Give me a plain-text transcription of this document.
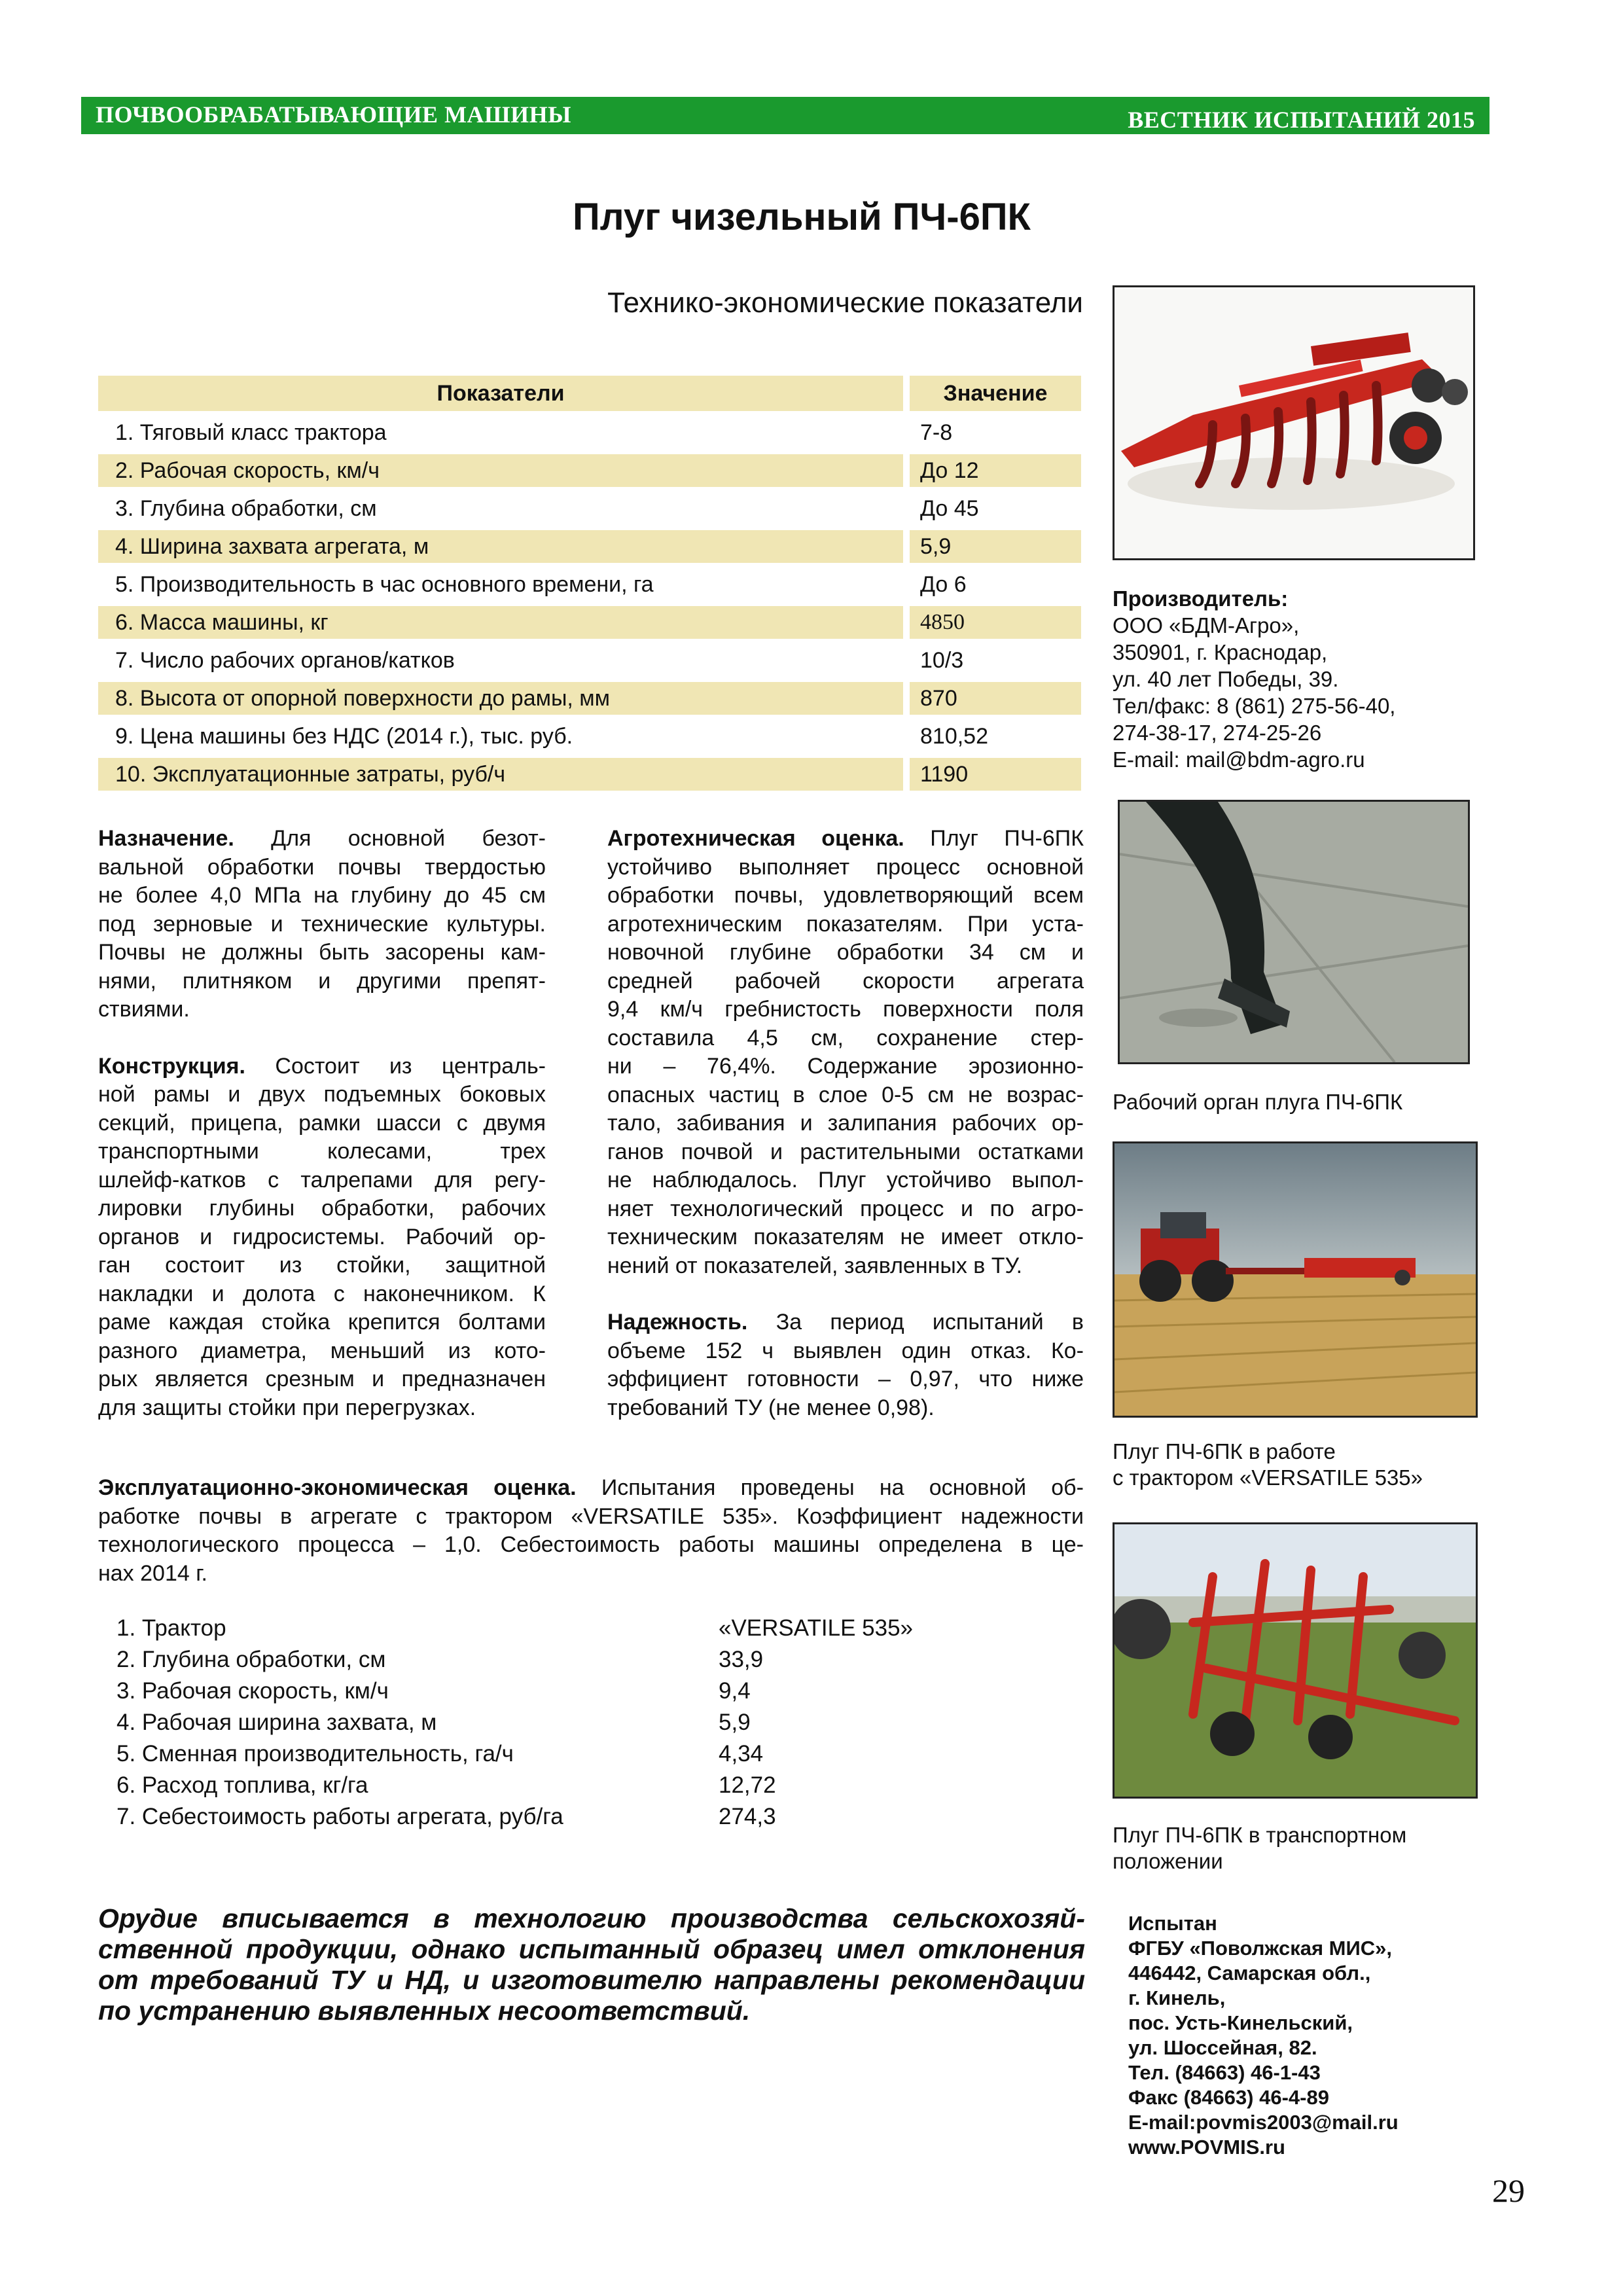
ПОЧВООБРАБАТЫВАЮЩИЕ МАШИНЫ	ВЕСТНИК ИСПЫТАНИЙ 2015
Плуг чизельный ПЧ-6ПК
Технико-экономические показатели
Показатели		Значение
1. Тяговый класс трактора		7-8
2. Рабочая скорость, км/ч		До 12
3. Глубина обработки, см		До 45
4. Ширина захвата агрегата, м		5,9
5. Производительность в час основного времени, га		До 6
6. Масса машины, кг		4850
7. Число рабочих органов/катков		10/3
8. Высота от опорной поверхности до рамы, мм		870
9. Цена машины без НДС (2014 г.), тыс. руб.		810,52
10. Эксплуатационные затраты, руб/ч		1190
Производитель:
ООО «БДМ-Агро»,
350901, г. Краснодар,
ул. 40 лет Победы, 39.
Тел/факс: 8 (861) 275-56-40,
274-38-17, 274-25-26
E-mail: mail@bdm-agro.ru
Рабочий орган плуга ПЧ-6ПК
Плуг ПЧ-6ПК в работе
с трактором «VERSATILE 535»
Плуг ПЧ-6ПК в транспортном
положении
Назначение. Для основной безот-
вальной обработки почвы твердостью
не более 4,0 МПа на глубину до 45 см
под зерновые и технические культуры.
Почвы не должны быть засорены кам-
нями, плитняком и другими препят-
ствиями.
Конструкция. Состоит из централь-
ной рамы и двух подъемных боковых
секций, прицепа, рамки шасси с двумя
транспортными колесами, трех
шлейф-катков с талрепами для регу-
лировки глубины обработки, рабочих
органов и гидросистемы. Рабочий ор-
ган состоит из стойки, защитной
накладки и долота с наконечником. К
раме каждая стойка крепится болтами
разного диаметра, меньший из кото-
рых является срезным и предназначен
для защиты стойки при перегрузках.
Агротехническая оценка. Плуг ПЧ-6ПК
устойчиво выполняет процесс основной
обработки почвы, удовлетворяющий всем
агротехническим показателям. При уста-
новочной глубине обработки 34 см и
средней рабочей скорости агрегата
9,4 км/ч гребнистость поверхности поля
составила 4,5 см, сохранение стер-
ни – 76,4%. Содержание эрозионно-
опасных частиц в слое 0-5 см не возрас-
тало, забивания и залипания рабочих ор-
ганов почвой и растительными остатками
не наблюдалось. Плуг устойчиво выпол-
няет технологический процесс и по агро-
техническим показателям не имеет откло-
нений от показателей, заявленных в ТУ.
Надежность. За период испытаний в
объеме 152 ч выявлен один отказ. Ко-
эффициент готовности – 0,97, что ниже
требований ТУ (не менее 0,98).
Эксплуатационно-экономическая оценка. Испытания проведены на основной об-
работке почвы в агрегате с трактором «VERSATILE 535». Коэффициент надежности
технологического процесса – 1,0. Себестоимость работы машины определена в це-
нах 2014 г.
1. Трактор	«VERSATILE 535»
2. Глубина обработки, см	33,9
3. Рабочая скорость, км/ч	9,4
4. Рабочая ширина захвата, м	5,9
5. Сменная производительность, га/ч	4,34
6. Расход топлива, кг/га	12,72
7. Себестоимость работы агрегата, руб/га	274,3
Орудие вписывается в технологию производства сельскохозяй-
ственной продукции, однако испытанный образец имел отклонения
от требований ТУ и НД, и изготовителю направлены рекомендации
по устранению выявленных несоответствий.
Испытан
ФГБУ «Поволжская МИС»,
446442, Самарская обл.,
г. Кинель,
пос. Усть-Кинельский,
ул. Шоссейная, 82.
Тел. (84663) 46-1-43
Факс (84663) 46-4-89
E-mail:povmis2003@mail.ru
www.POVMIS.ru
29
